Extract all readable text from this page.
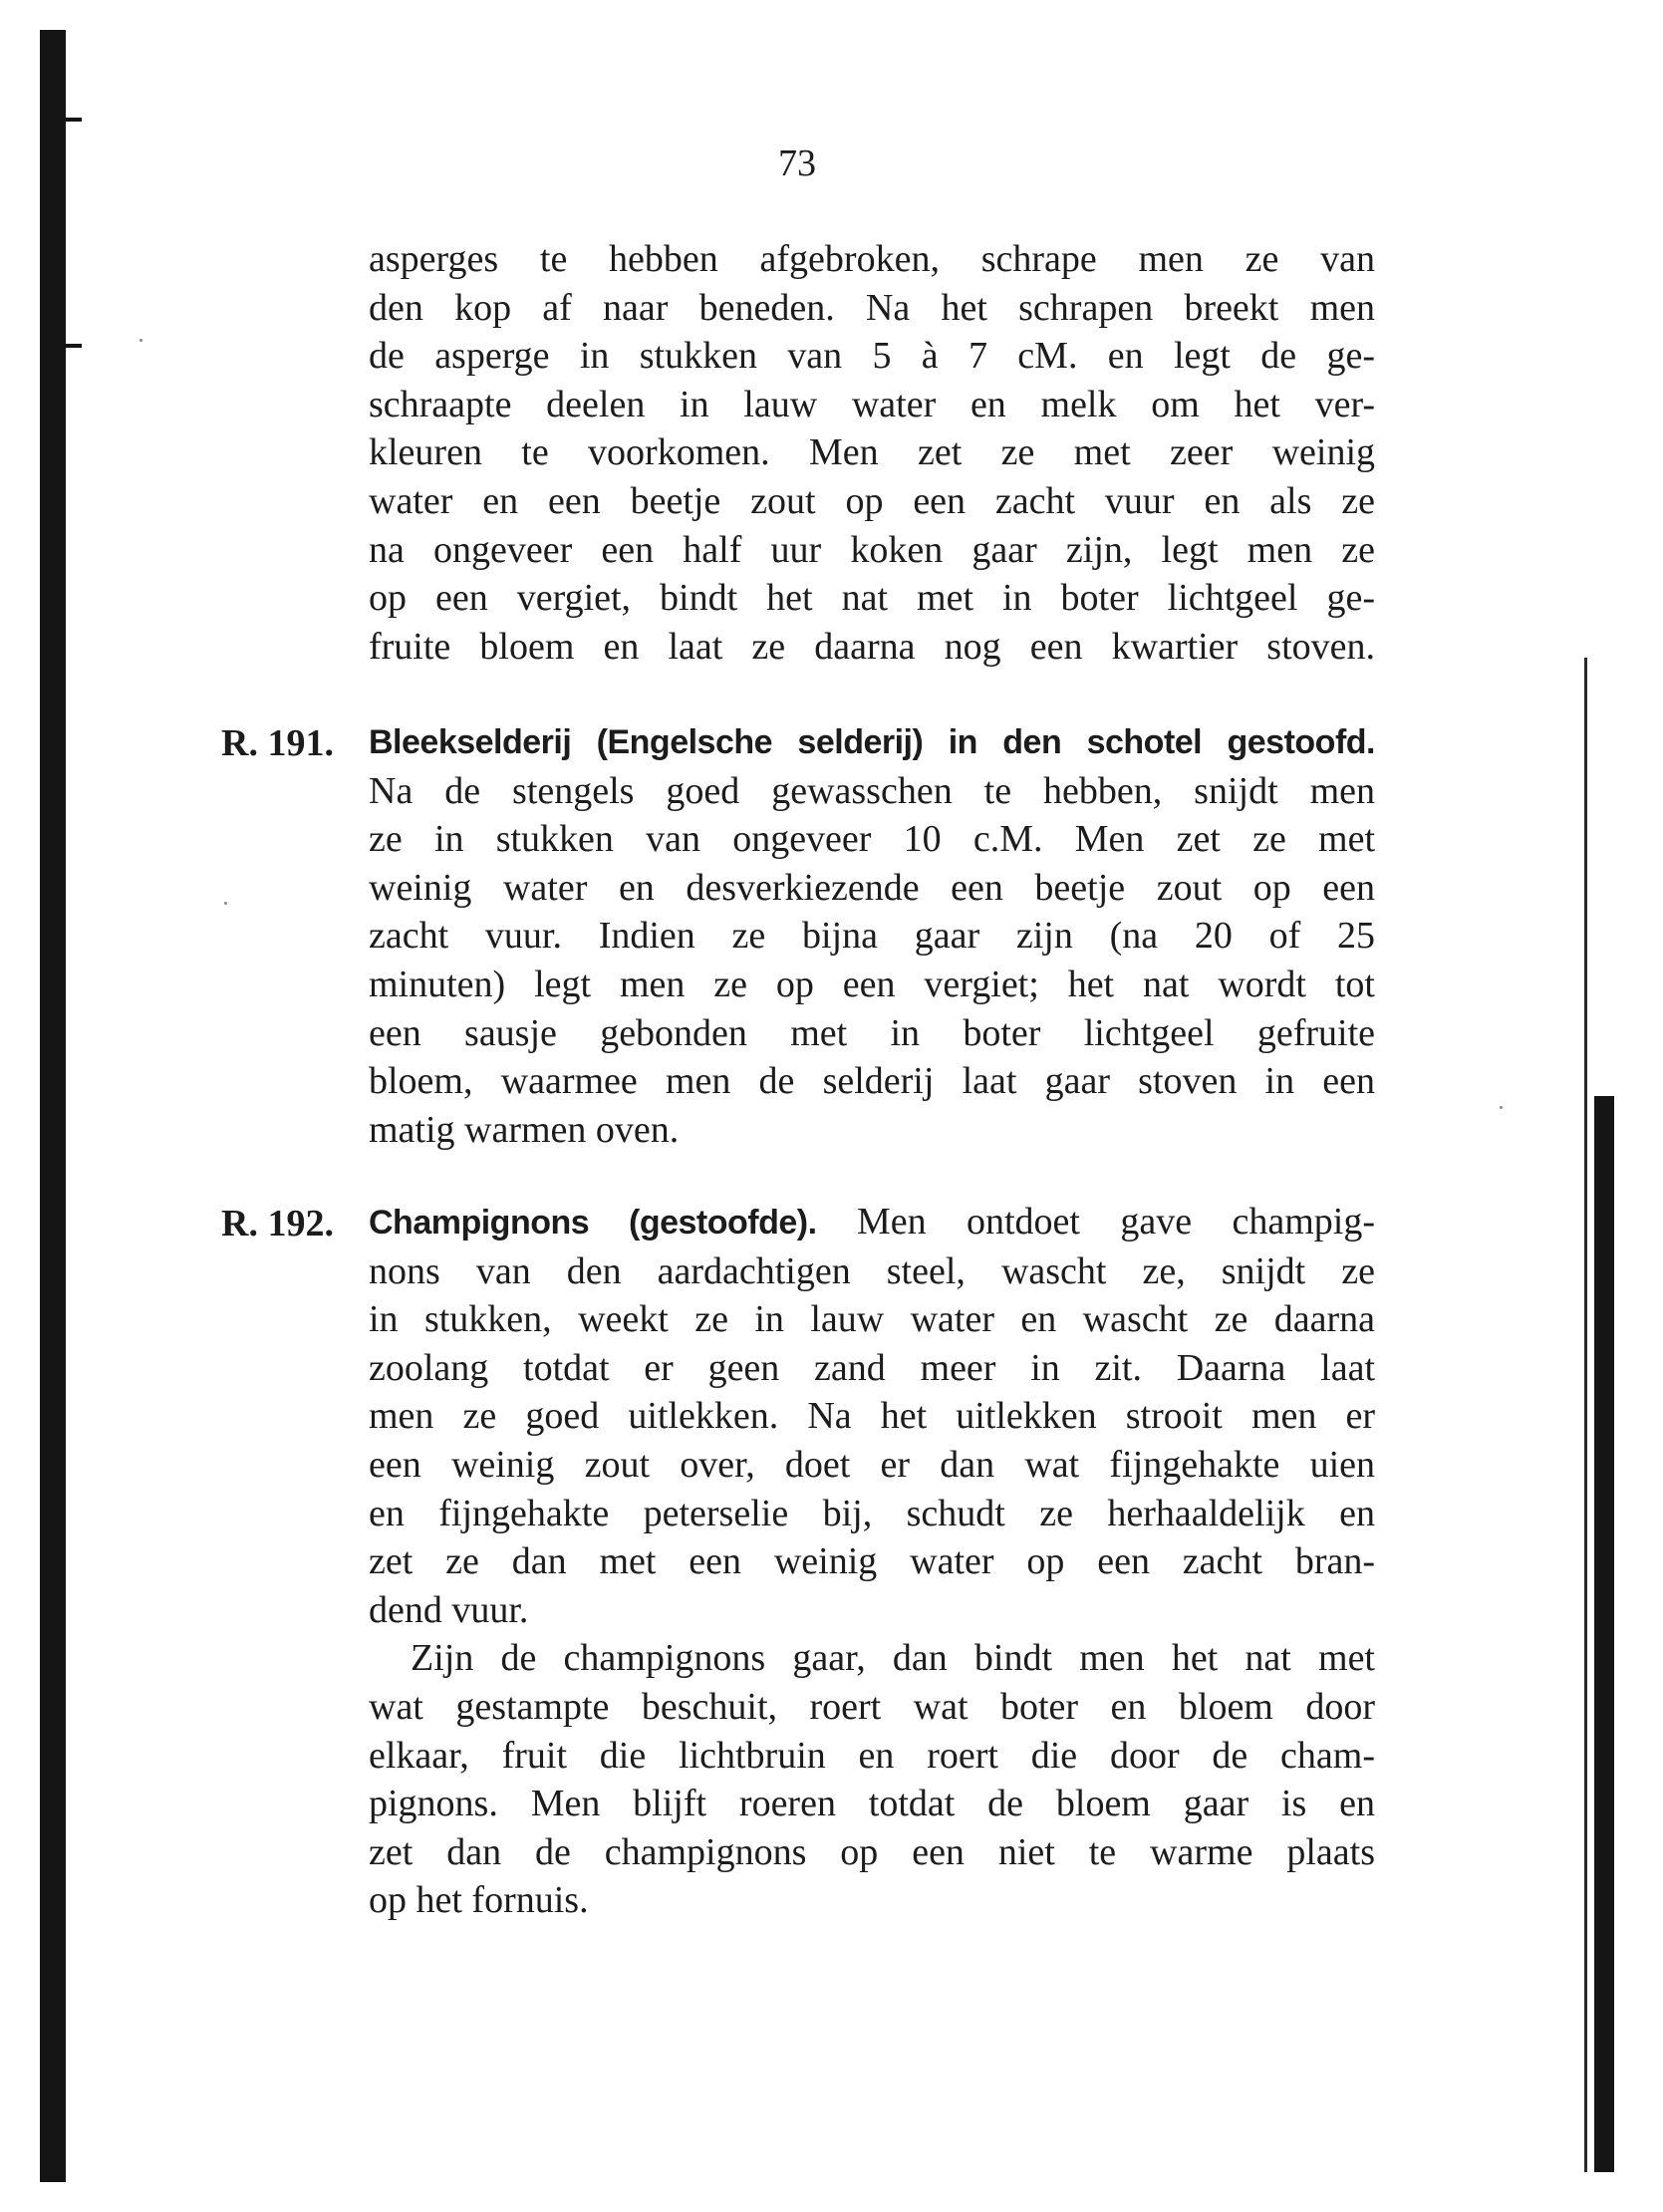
73
asperges te hebben afgebroken, schrape men ze van
den kop af naar beneden. Na het schrapen breekt men
de asperge in stukken van 5 à 7 cM. en legt de ge-
schraapte deelen in lauw water en melk om het ver-
kleuren te voorkomen. Men zet ze met zeer weinig
water en een beetje zout op een zacht vuur en als ze
na ongeveer een half uur koken gaar zijn, legt men ze
op een vergiet, bindt het nat met in boter lichtgeel ge-
fruite bloem en laat ze daarna nog een kwartier stoven.
R. 191. Bleekselderij (Engelsche selderij) in den schotel gestoofd.
Na de stengels goed gewasschen te hebben, snijdt men
ze in stukken van ongeveer 10 c.M. Men zet ze met
weinig water en desverkiezende een beetje zout op een
zacht vuur. Indien ze bijna gaar zijn (na 20 of 25
minuten) legt men ze op een vergiet; het nat wordt tot
een sausje gebonden met in boter lichtgeel gefruite
bloem, waarmee men de selderij laat gaar stoven in een
matig warmen oven.
R. 192. Champignons (gestoofde). Men ontdoet gave champig-
nons van den aardachtigen steel, wascht ze, snijdt ze
in stukken, weekt ze in lauw water en wascht ze daarna
zoolang totdat er geen zand meer in zit. Daarna laat
men ze goed uitlekken. Na het uitlekken strooit men er
een weinig zout over, doet er dan wat fijngehakte uien
en fijngehakte peterselie bij, schudt ze herhaaldelijk en
zet ze dan met een weinig water op een zacht bran-
dend vuur.
Zijn de champignons gaar, dan bindt men het nat met
wat gestampte beschuit, roert wat boter en bloem door
elkaar, fruit die lichtbruin en roert die door de cham-
pignons. Men blijft roeren totdat de bloem gaar is en
zet dan de champignons op een niet te warme plaats
op het fornuis.
